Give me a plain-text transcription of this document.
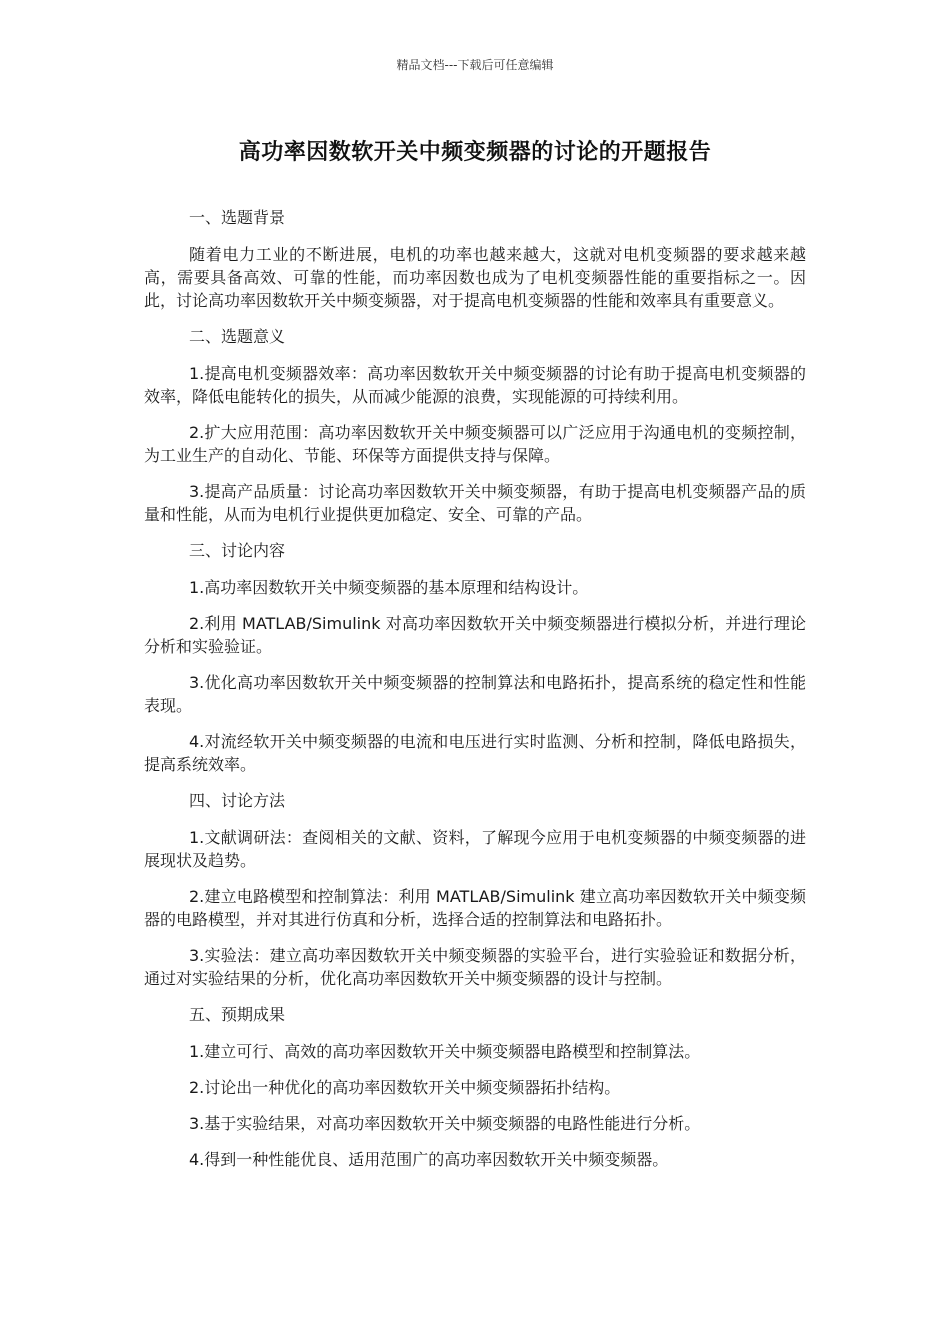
精品文档---下载后可任意编辑
高功率因数软开关中频变频器的讨论的开题报告
一、选题背景

随着电力工业的不断进展，电机的功率也越来越大，这就对电机变频器的要求越来越高，需要具备高效、可靠的性能，而功率因数也成为了电机变频器性能的重要指标之一。因此，讨论高功率因数软开关中频变频器，对于提高电机变频器的性能和效率具有重要意义。

二、选题意义

1.提高电机变频器效率：高功率因数软开关中频变频器的讨论有助于提高电机变频器的效率，降低电能转化的损失，从而减少能源的浪费，实现能源的可持续利用。

2.扩大应用范围：高功率因数软开关中频变频器可以广泛应用于沟通电机的变频控制，为工业生产的自动化、节能、环保等方面提供支持与保障。

3.提高产品质量：讨论高功率因数软开关中频变频器，有助于提高电机变频器产品的质量和性能，从而为电机行业提供更加稳定、安全、可靠的产品。

三、讨论内容

1.高功率因数软开关中频变频器的基本原理和结构设计。

2.利用 MATLAB/Simulink 对高功率因数软开关中频变频器进行模拟分析，并进行理论分析和实验验证。

3.优化高功率因数软开关中频变频器的控制算法和电路拓扑，提高系统的稳定性和性能表现。

4.对流经软开关中频变频器的电流和电压进行实时监测、分析和控制，降低电路损失，提高系统效率。

四、讨论方法

1.文献调研法：查阅相关的文献、资料，了解现今应用于电机变频器的中频变频器的进展现状及趋势。

2.建立电路模型和控制算法：利用 MATLAB/Simulink 建立高功率因数软开关中频变频器的电路模型，并对其进行仿真和分析，选择合适的控制算法和电路拓扑。

3.实验法：建立高功率因数软开关中频变频器的实验平台，进行实验验证和数据分析，通过对实验结果的分析，优化高功率因数软开关中频变频器的设计与控制。

五、预期成果

1.建立可行、高效的高功率因数软开关中频变频器电路模型和控制算法。

2.讨论出一种优化的高功率因数软开关中频变频器拓扑结构。

3.基于实验结果，对高功率因数软开关中频变频器的电路性能进行分析。

4.得到一种性能优良、适用范围广的高功率因数软开关中频变频器。
